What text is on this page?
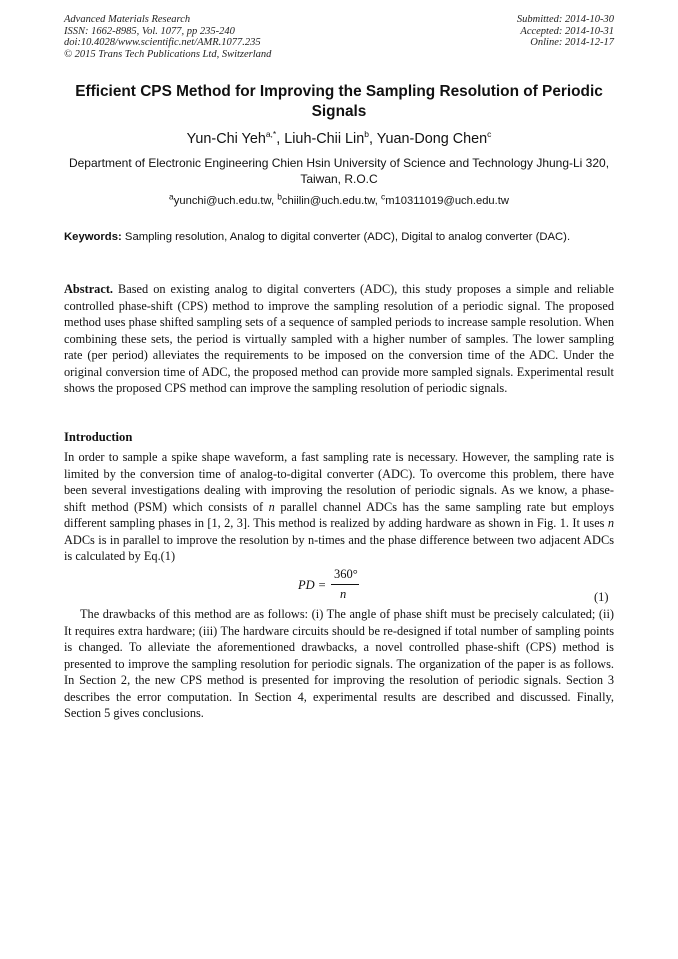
Advanced Materials Research
ISSN: 1662-8985, Vol. 1077, pp 235-240
doi:10.4028/www.scientific.net/AMR.1077.235
© 2015 Trans Tech Publications Ltd, Switzerland
Submitted: 2014-10-30
Accepted: 2014-10-31
Online: 2014-12-17
Efficient CPS Method for Improving the Sampling Resolution of Periodic Signals
Yun-Chi Yeh$^{a,*}$, Liuh-Chii Lin$^b$, Yuan-Dong Chen$^c$
Department of Electronic Engineering Chien Hsin University of Science and Technology Jhung-Li 320, Taiwan, R.O.C
$^a$yunchi@uch.edu.tw, $^b$chiilin@uch.edu.tw, $^c$m10311019@uch.edu.tw
Keywords: Sampling resolution, Analog to digital converter (ADC), Digital to analog converter (DAC).
Abstract. Based on existing analog to digital converters (ADC), this study proposes a simple and reliable controlled phase-shift (CPS) method to improve the sampling resolution of a periodic signal. The proposed method uses phase shifted sampling sets of a sequence of sampled periods to increase sample resolution. When combining these sets, the period is virtually sampled with a higher number of samples. The lower sampling rate (per period) alleviates the requirements to be imposed on the conversion time of the ADC. Under the original conversion time of ADC, the proposed method can provide more sampled signals. Experimental result shows the proposed CPS method can improve the sampling resolution of periodic signals.
Introduction
In order to sample a spike shape waveform, a fast sampling rate is necessary. However, the sampling rate is limited by the conversion time of analog-to-digital converter (ADC). To overcome this problem, there have been several investigations dealing with improving the resolution of periodic signals. As we know, a phase-shift method (PSM) which consists of n parallel channel ADCs has the same sampling rate but employs different sampling phases in [1, 2, 3]. This method is realized by adding hardware as shown in Fig. 1. It uses n ADCs is in parallel to improve the resolution by n-times and the phase difference between two adjacent ADCs is calculated by Eq.(1)
PD =
360°
n	(1)
The drawbacks of this method are as follows: (i) The angle of phase shift must be precisely calculated; (ii) It requires extra hardware; (iii) The hardware circuits should be re-designed if total number of sampling points is changed. To alleviate the aforementioned drawbacks, a novel controlled phase-shift (CPS) method is presented to improve the sampling resolution for periodic signals. The organization of the paper is as follows. In Section 2, the new CPS method is presented for improving the resolution of periodic signals. Section 3 describes the error computation. In Section 4, experimental results are described and discussed. Finally, Section 5 gives conclusions.
